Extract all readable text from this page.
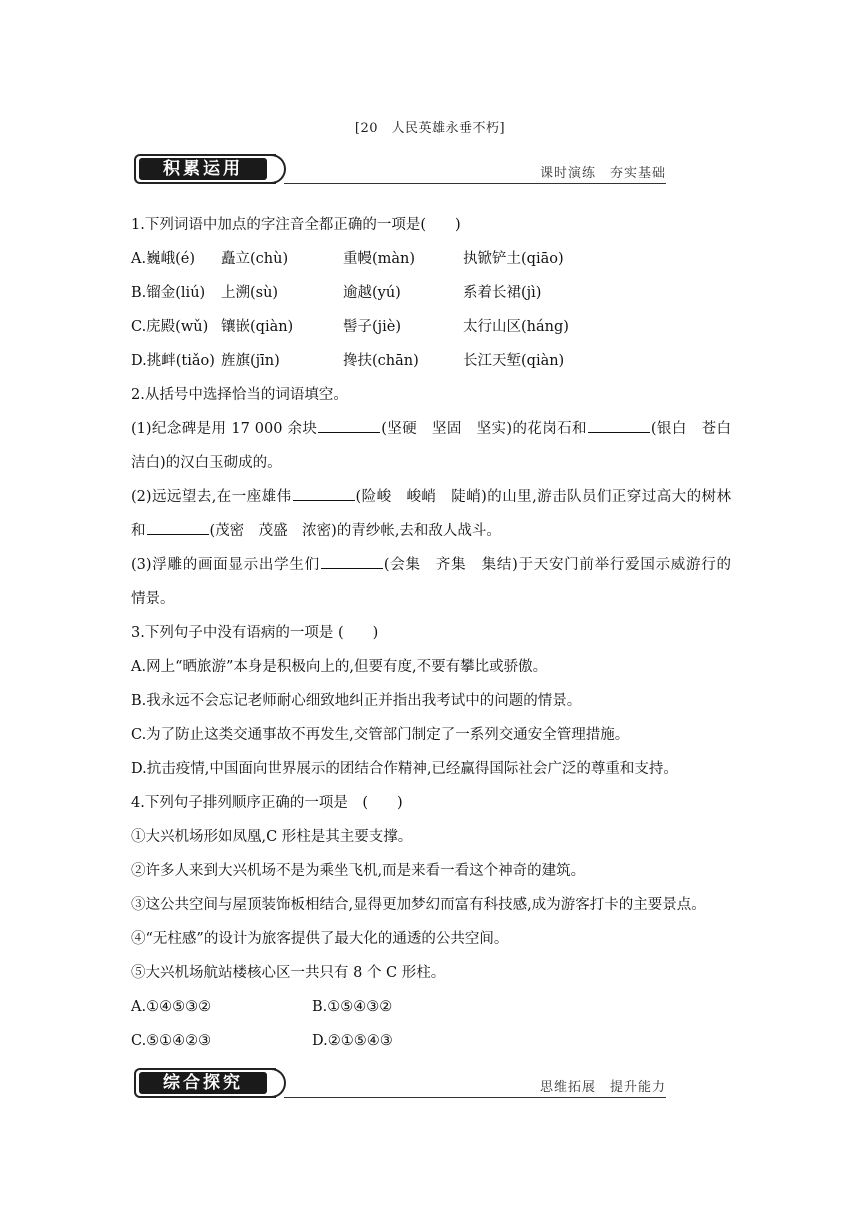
[20　人民英雄永垂不朽]
积累运用	课时演练　夯实基础
1.下列词语中加点的字注音全都正确的一项是(　　)
A.巍峨(é)	矗立(chù)	重幔(màn)	执锨铲土(qiāo)
B.镏金(liú)	上溯(sù)	逾越(yú)	系着长裙(jì)
C.庑殿(wǔ) 镶嵌(qiàn)	髻子(jiè)	太行山区(háng)
D.挑衅(tiǎo) 旌旗(jīn)	搀扶(chān)	长江天堑(qiàn)
2.从括号中选择恰当的词语填空。
(1)纪念碑是用 17 000 余块	(坚硬　坚固　坚实)的花岗石和	(银白　苍白
洁白)的汉白玉砌成的。
(2)远远望去,在一座雄伟	(险峻　峻峭　陡峭)的山里,游击队员们正穿过高大的树林
和	(茂密　茂盛　浓密)的青纱帐,去和敌人战斗。
(3)浮雕的画面显示出学生们	(会集　齐集　集结)于天安门前举行爱国示威游行的
情景。
3.下列句子中没有语病的一项是 (　　)
A.网上“晒旅游”本身是积极向上的,但要有度,不要有攀比或骄傲。
B.我永远不会忘记老师耐心细致地纠正并指出我考试中的问题的情景。
C.为了防止这类交通事故不再发生,交管部门制定了一系列交通安全管理措施。
D.抗击疫情,中国面向世界展示的团结合作精神,已经赢得国际社会广泛的尊重和支持。
4.下列句子排列顺序正确的一项是　(　　)
①大兴机场形如凤凰,C 形柱是其主要支撑。
②许多人来到大兴机场不是为乘坐飞机,而是来看一看这个神奇的建筑。
③这公共空间与屋顶装饰板相结合,显得更加梦幻而富有科技感,成为游客打卡的主要景点。
④“无柱感”的设计为旅客提供了最大化的通透的公共空间。
⑤大兴机场航站楼核心区一共只有 8 个 C 形柱。
A.①④⑤③②	B.①⑤④③②
C.⑤①④②③	D.②①⑤④③
综合探究	思维拓展　提升能力
